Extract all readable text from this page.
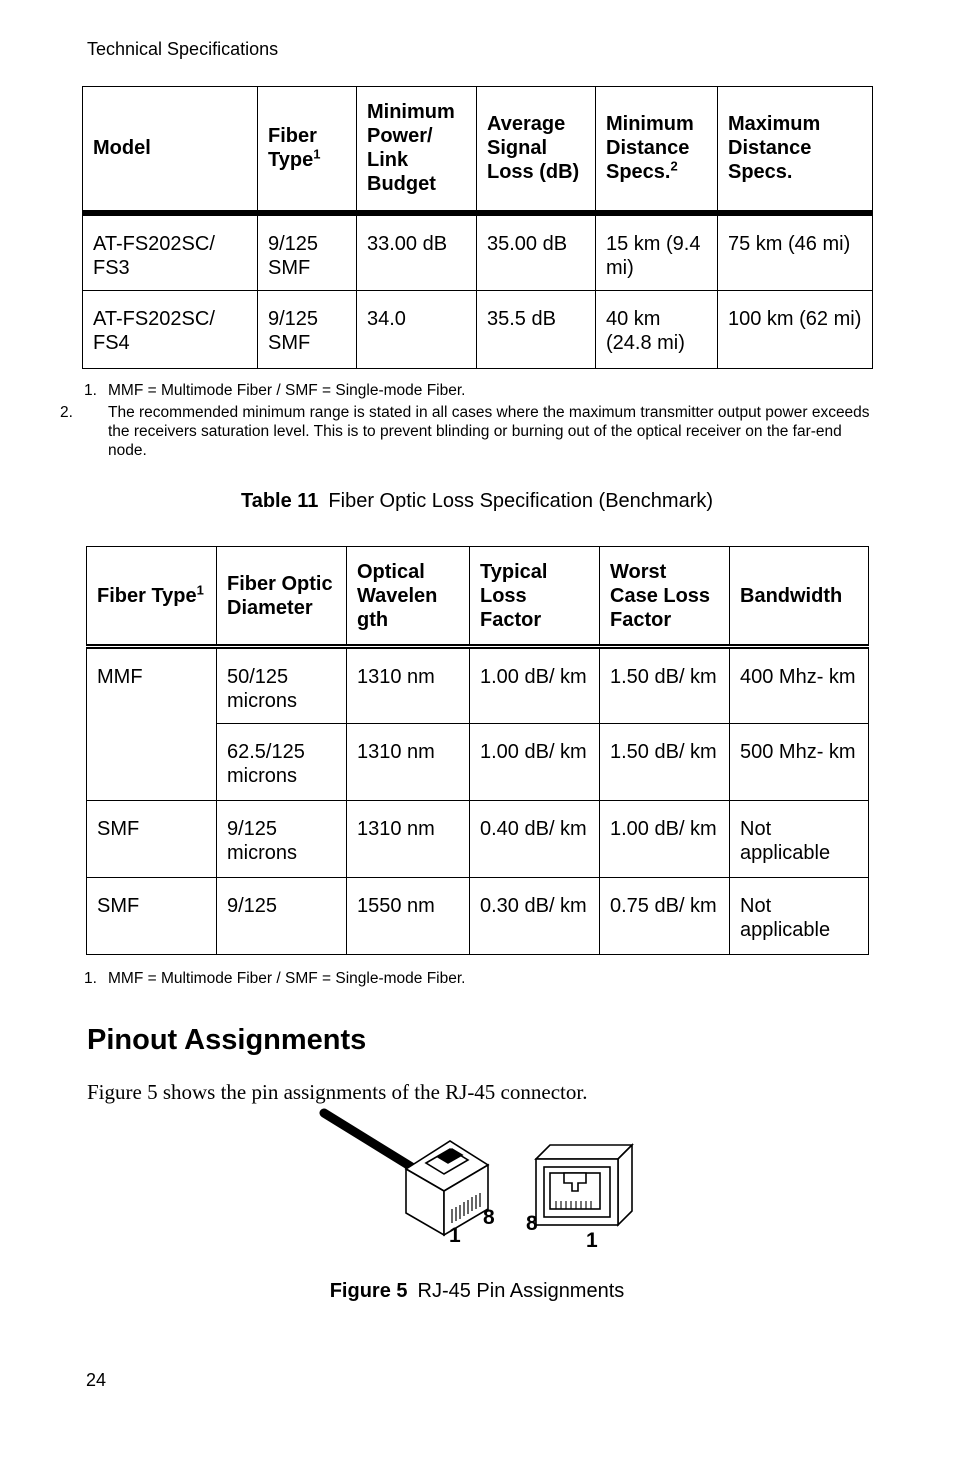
Technical Specifications
Model	Fiber Type$^1$	Minimum Power/ Link Budget	Average Signal Loss (dB)	Minimum Distance Specs.$^2$	Maximum Distance Specs.
AT-FS202SC/ FS3	9/125 SMF	33.00 dB	35.00 dB	15 km (9.4 mi)	75 km (46 mi)
AT-FS202SC/ FS4	9/125 SMF	34.0	35.5 dB	40 km (24.8 mi)	100 km (62 mi)
1. MMF = Multimode Fiber / SMF = Single-mode Fiber.
2. The recommended minimum range is stated in all cases where the maximum transmitter output power exceeds the receivers saturation level. This is to prevent blinding or burning out of the optical receiver on the far-end node.
Table 11 Fiber Optic Loss Specification (Benchmark)
Fiber Type$^1$	Fiber Optic Diameter	Optical Wavelen gth	Typical Loss Factor	Worst Case Loss Factor	Bandwidth
MMF	50/125 microns	1310 nm	1.00 dB/ km	1.50 dB/ km	400 Mhz- km
	62.5/125 microns	1310 nm	1.00 dB/ km	1.50 dB/ km	500 Mhz- km
SMF	9/125 microns	1310 nm	0.40 dB/ km	1.00 dB/ km	Not applicable
SMF	9/125	1550 nm	0.30 dB/ km	0.75 dB/ km	Not applicable
1. MMF = Multimode Fiber / SMF = Single-mode Fiber.
Pinout Assignments
Figure 5 shows the pin assignments of the RJ-45 connector.
1
8 8
1
Figure 5 RJ-45 Pin Assignments
24
